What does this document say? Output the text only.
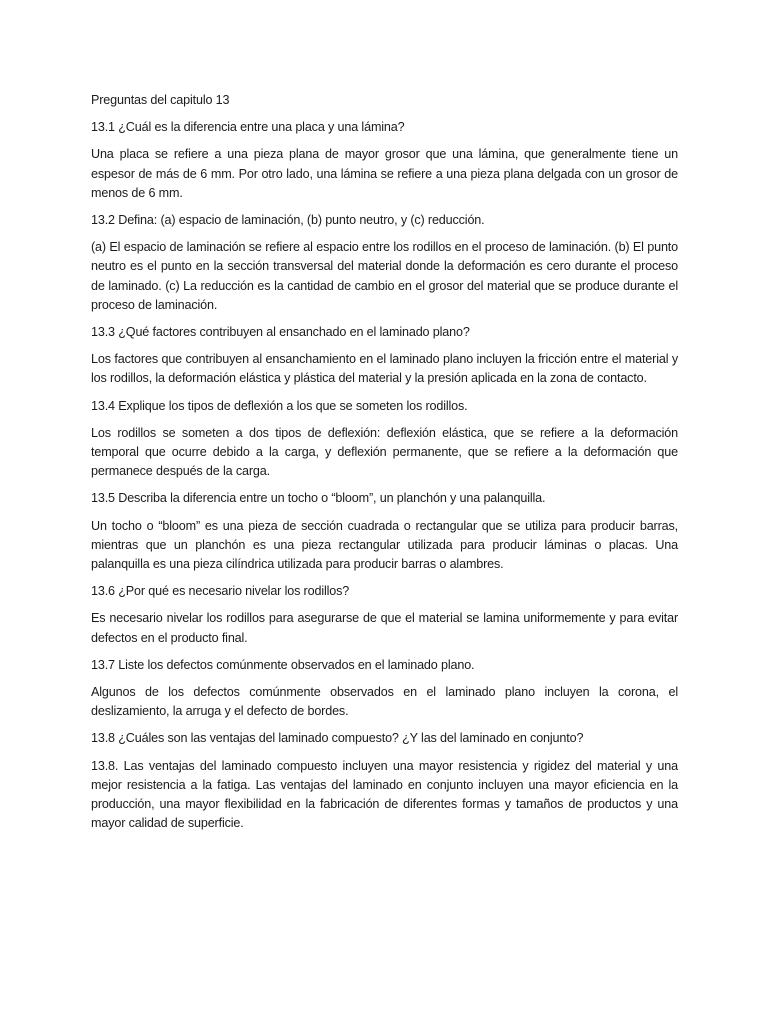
Preguntas del capitulo 13

13.1 ¿Cuál es la diferencia entre una placa y una lámina?

Una placa se refiere a una pieza plana de mayor grosor que una lámina, que generalmente tiene un espesor de más de 6 mm. Por otro lado, una lámina se refiere a una pieza plana delgada con un grosor de menos de 6 mm.

13.2 Defina: (a) espacio de laminación, (b) punto neutro, y (c) reducción.

(a) El espacio de laminación se refiere al espacio entre los rodillos en el proceso de laminación. (b) El punto neutro es el punto en la sección transversal del material donde la deformación es cero durante el proceso de laminado. (c) La reducción es la cantidad de cambio en el grosor del material que se produce durante el proceso de laminación.

13.3 ¿Qué factores contribuyen al ensanchado en el laminado plano?

Los factores que contribuyen al ensanchamiento en el laminado plano incluyen la fricción entre el material y los rodillos, la deformación elástica y plástica del material y la presión aplicada en la zona de contacto.

13.4 Explique los tipos de deflexión a los que se someten los rodillos.

Los rodillos se someten a dos tipos de deflexión: deflexión elástica, que se refiere a la deformación temporal que ocurre debido a la carga, y deflexión permanente, que se refiere a la deformación que permanece después de la carga.

13.5 Describa la diferencia entre un tocho o “bloom”, un planchón y una palanquilla.

Un tocho o “bloom” es una pieza de sección cuadrada o rectangular que se utiliza para producir barras, mientras que un planchón es una pieza rectangular utilizada para producir láminas o placas. Una palanquilla es una pieza cilíndrica utilizada para producir barras o alambres.

13.6 ¿Por qué es necesario nivelar los rodillos?

Es necesario nivelar los rodillos para asegurarse de que el material se lamina uniformemente y para evitar defectos en el producto final.

13.7 Liste los defectos comúnmente observados en el laminado plano.

Algunos de los defectos comúnmente observados en el laminado plano incluyen la corona, el deslizamiento, la arruga y el defecto de bordes.

13.8 ¿Cuáles son las ventajas del laminado compuesto? ¿Y las del laminado en conjunto?

13.8. Las ventajas del laminado compuesto incluyen una mayor resistencia y rigidez del material y una mejor resistencia a la fatiga. Las ventajas del laminado en conjunto incluyen una mayor eficiencia en la producción, una mayor flexibilidad en la fabricación de diferentes formas y tamaños de productos y una mayor calidad de superficie.
